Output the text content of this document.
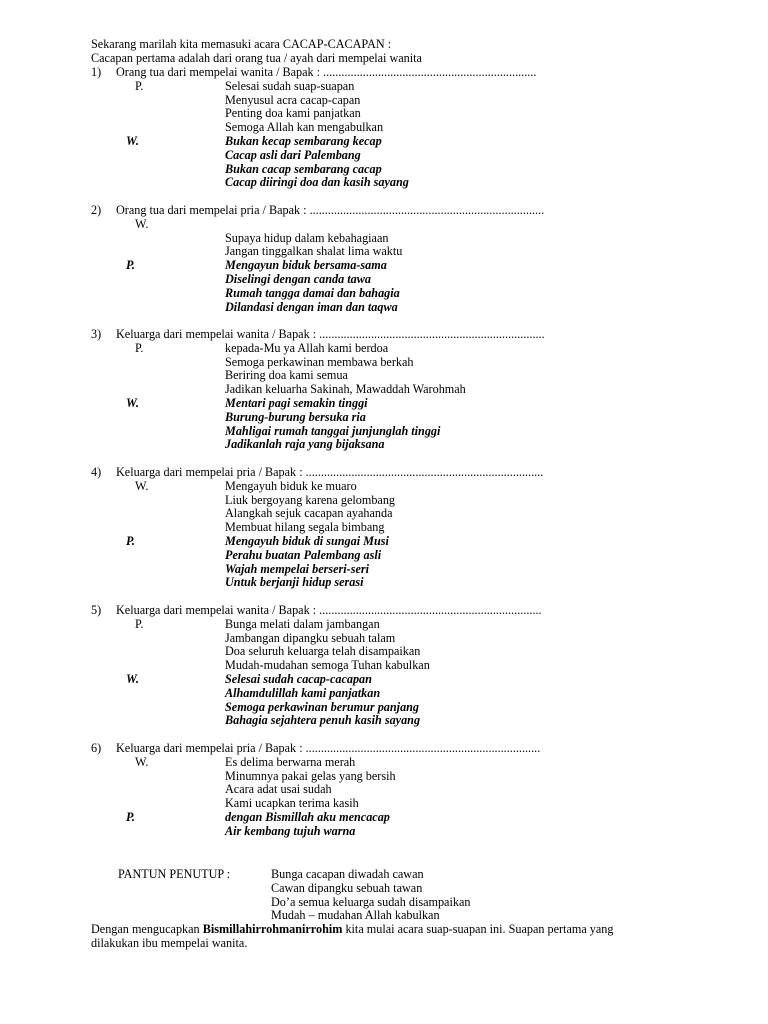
Sekarang marilah kita memasuki acara CACAP-CACAPAN :
Cacapan pertama adalah dari orang tua / ayah dari mempelai wanita
1) Orang tua dari mempelai wanita / Bapak : ......................................................................
P.	Selesai sudah suap-suapan
Menyusul acra cacap-capan
Penting doa kami panjatkan
Semoga Allah kan mengabulkan
W.	Bukan kecap sembarang kecap
Cacap asli dari Palembang
Bukan cacap sembarang cacap
Cacap diiringi doa dan kasih sayang
2) Orang tua dari mempelai pria / Bapak : .............................................................................
W.
Supaya hidup dalam kebahagiaan
Jangan tinggalkan shalat lima waktu
P.	Mengayun biduk bersama-sama
Diselingi dengan canda tawa
Rumah tangga damai dan bahagia
Dilandasi dengan iman dan taqwa
3) Keluarga dari mempelai wanita / Bapak : ..........................................................................
P.	kepada-Mu ya Allah kami berdoa
Semoga perkawinan membawa berkah
Beriring doa kami semua
Jadikan keluarha Sakinah, Mawaddah Warohmah
W.	Mentari pagi semakin tinggi
Burung-burung bersuka ria
Mahligai rumah tanggai junjunglah tinggi
Jadikanlah raja yang bijaksana
4) Keluarga dari mempelai pria / Bapak : ..............................................................................
W.	Mengayuh biduk ke muaro
Liuk bergoyang karena gelombang
Alangkah sejuk cacapan ayahanda
Membuat hilang segala bimbang
P.	Mengayuh biduk di sungai Musi
Perahu buatan Palembang asli
Wajah mempelai berseri-seri
Untuk berjanji hidup serasi
5) Keluarga dari mempelai wanita / Bapak : .........................................................................
P.	Bunga melati dalam jambangan
Jambangan dipangku sebuah talam
Doa seluruh keluarga telah disampaikan
Mudah-mudahan semoga Tuhan kabulkan
W.	Selesai sudah cacap-cacapan
Alhamdulillah kami panjatkan
Semoga perkawinan berumur panjang
Bahagia sejahtera penuh kasih sayang
6) Keluarga dari mempelai pria / Bapak : .............................................................................
W.	Es delima berwarna merah
Minumnya pakai gelas yang bersih
Acara adat usai sudah
Kami ucapkan terima kasih
P.	dengan Bismillah aku mencacap
Air kembang tujuh warna
PANTUN PENUTUP :	Bunga cacapan diwadah cawan
Cawan dipangku sebuah tawan
Do’a semua keluarga sudah disampaikan
Mudah – mudahan Allah kabulkan
Dengan mengucapkan Bismillahirrohmanirrohim kita mulai acara suap-suapan ini. Suapan pertama yang dilakukan ibu mempelai wanita.
